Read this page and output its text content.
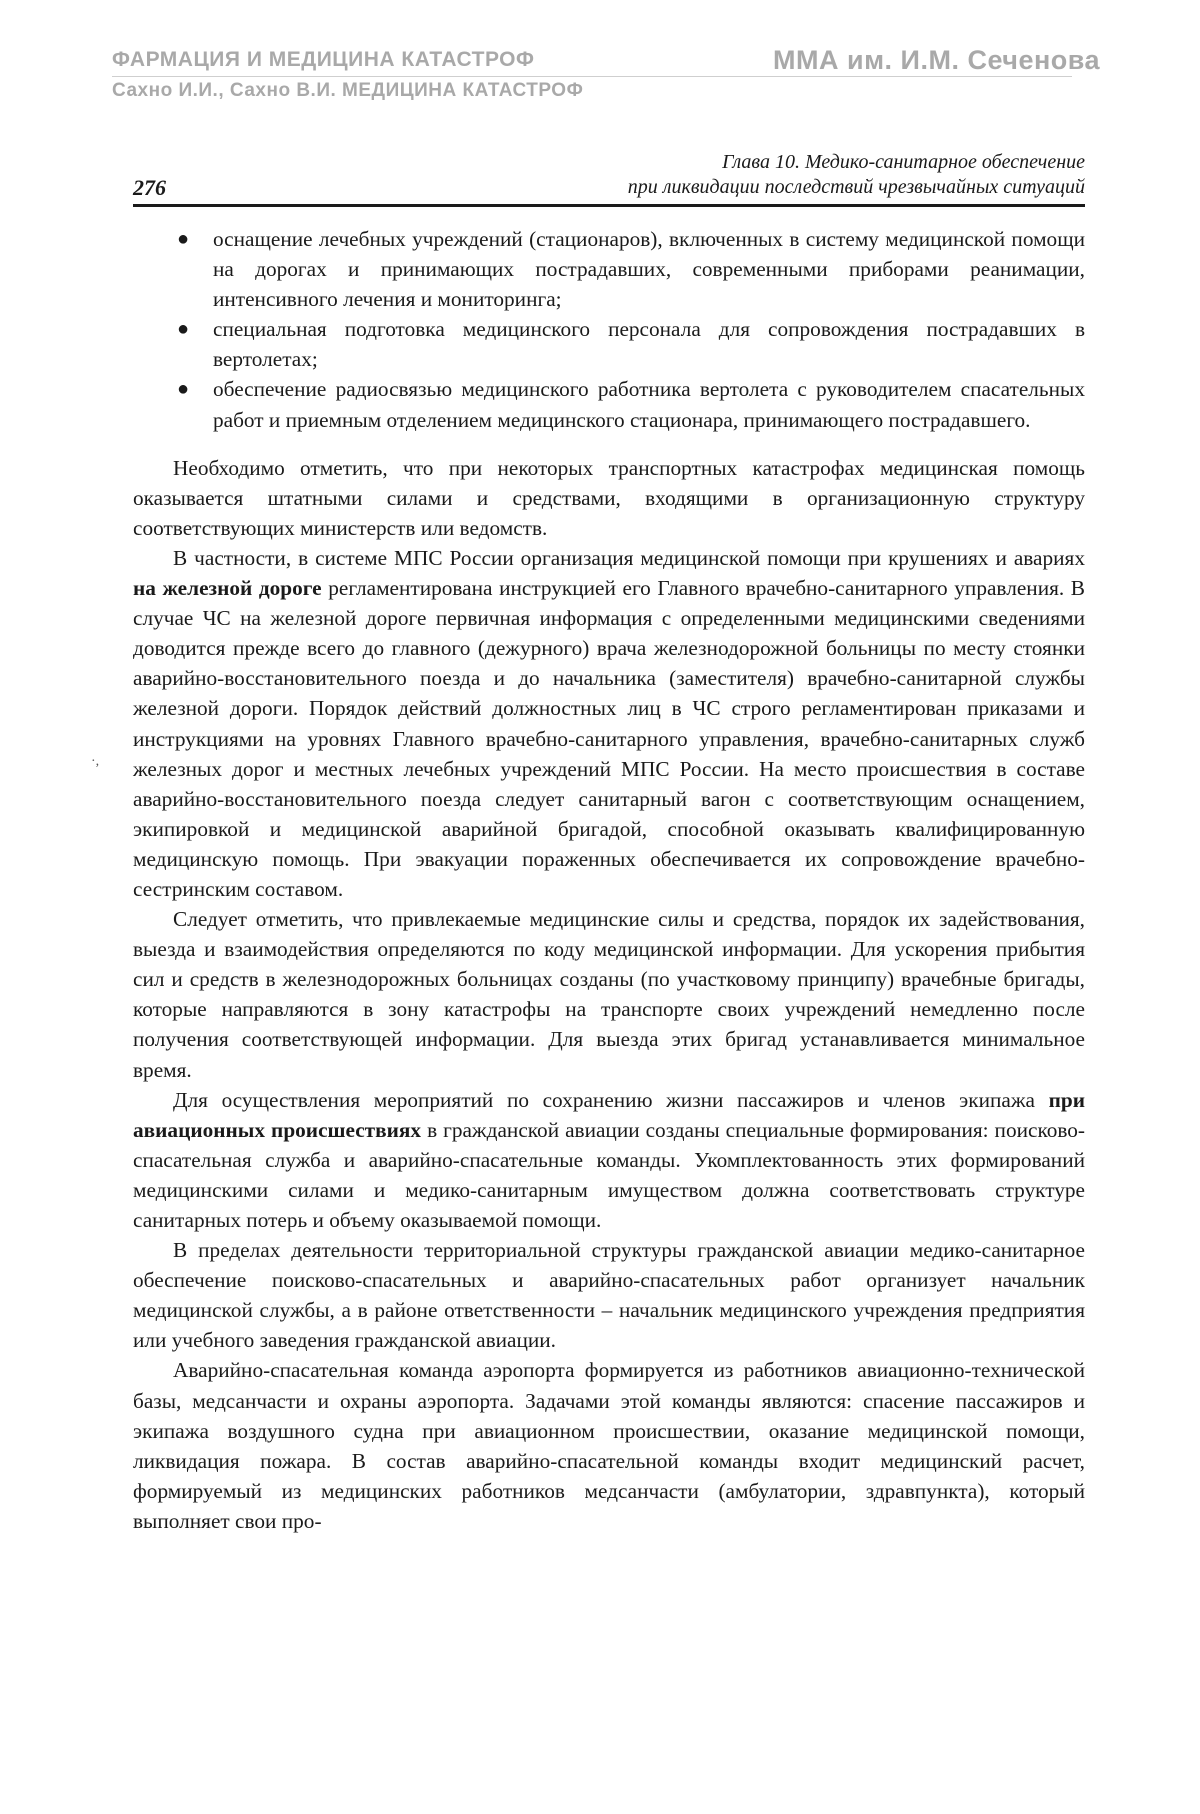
ФАРМАЦИЯ И МЕДИЦИНА КАТАСТРОФ	ММА им. И.М. Сеченова
Сахно И.И., Сахно В.И. МЕДИЦИНА КАТАСТРОФ
Глава 10. Медико-санитарное обеспечение
при ликвидации последствий чрезвычайных ситуаций
276
·,
● оснащение лечебных учреждений (стационаров), включенных в систему медицинской помощи на дорогах и принимающих пострадавших, современными приборами реанимации, интенсивного лечения и мониторинга;
● специальная подготовка медицинского персонала для сопровождения пострадавших в вертолетах;
● обеспечение радиосвязью медицинского работника вертолета с руководителем спасательных работ и приемным отделением медицинского стационара, принимающего пострадавшего.

Необходимо отметить, что при некоторых транспортных катастрофах медицинская помощь оказывается штатными силами и средствами, входящими в организационную структуру соответствующих министерств или ведомств.

В частности, в системе МПС России организация медицинской помощи при крушениях и авариях на железной дороге регламентирована инструкцией его Главного врачебно-санитарного управления. В случае ЧС на железной дороге первичная информация с определенными медицинскими сведениями доводится прежде всего до главного (дежурного) врача железнодорожной больницы по месту стоянки аварийно-восстановительного поезда и до начальника (заместителя) врачебно-санитарной службы железной дороги. Порядок действий должностных лиц в ЧС строго регламентирован приказами и инструкциями на уровнях Главного врачебно-санитарного управления, врачебно-санитарных служб железных дорог и местных лечебных учреждений МПС России. На место происшествия в составе аварийно-восстановительного поезда следует санитарный вагон с соответствующим оснащением, экипировкой и медицинской аварийной бригадой, способной оказывать квалифицированную медицинскую помощь. При эвакуации пораженных обеспечивается их сопровождение врачебно-сестринским составом.

Следует отметить, что привлекаемые медицинские силы и средства, порядок их задействования, выезда и взаимодействия определяются по коду медицинской информации. Для ускорения прибытия сил и средств в железнодорожных больницах созданы (по участковому принципу) врачебные бригады, которые направляются в зону катастрофы на транспорте своих учреждений немедленно после получения соответствующей информации. Для выезда этих бригад устанавливается минимальное время.

Для осуществления мероприятий по сохранению жизни пассажиров и членов экипажа при авиационных происшествиях в гражданской авиации созданы специальные формирования: поисково-спасательная служба и аварийно-спасательные команды. Укомплектованность этих формирований медицинскими силами и медико-санитарным имуществом должна соответствовать структуре санитарных потерь и объему оказываемой помощи.

В пределах деятельности территориальной структуры гражданской авиации медико-санитарное обеспечение поисково-спасательных и аварийно-спасательных работ организует начальник медицинской службы, а в районе ответственности – начальник медицинского учреждения предприятия или учебного заведения гражданской авиации.

Аварийно-спасательная команда аэропорта формируется из работников авиационно-технической базы, медсанчасти и охраны аэропорта. Задачами этой команды являются: спасение пассажиров и экипажа воздушного судна при авиационном происшествии, оказание медицинской помощи, ликвидация пожара. В состав аварийно-спасательной команды входит медицинский расчет, формируемый из медицинских работников медсанчасти (амбулатории, здравпункта), который выполняет свои про-
